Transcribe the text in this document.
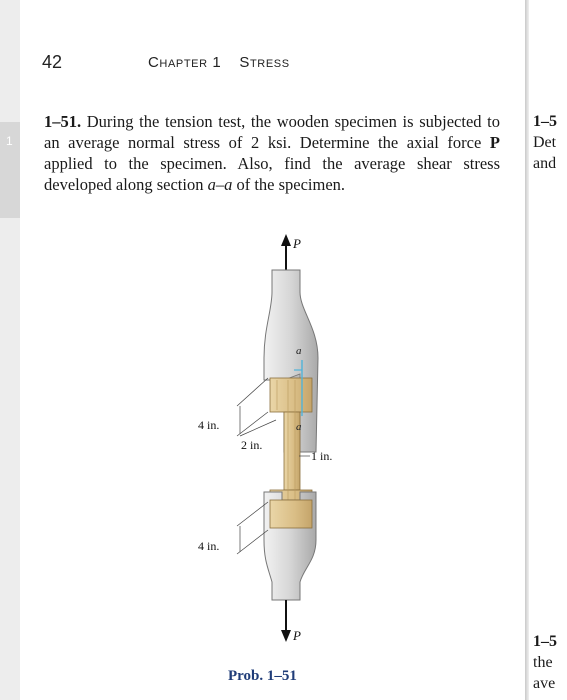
1
42	Chapter 1 Stress
1–51. During the tension test, the wooden specimen is subjected to an average normal stress of 2 ksi. Determine the axial force P applied to the specimen. Also, find the average shear stress developed along section a–a of the specimen.
1–5
Det
and
1–5
the
ave
P
a
a
P
4 in.
2 in.
1 in.
4 in.
Prob. 1–51
